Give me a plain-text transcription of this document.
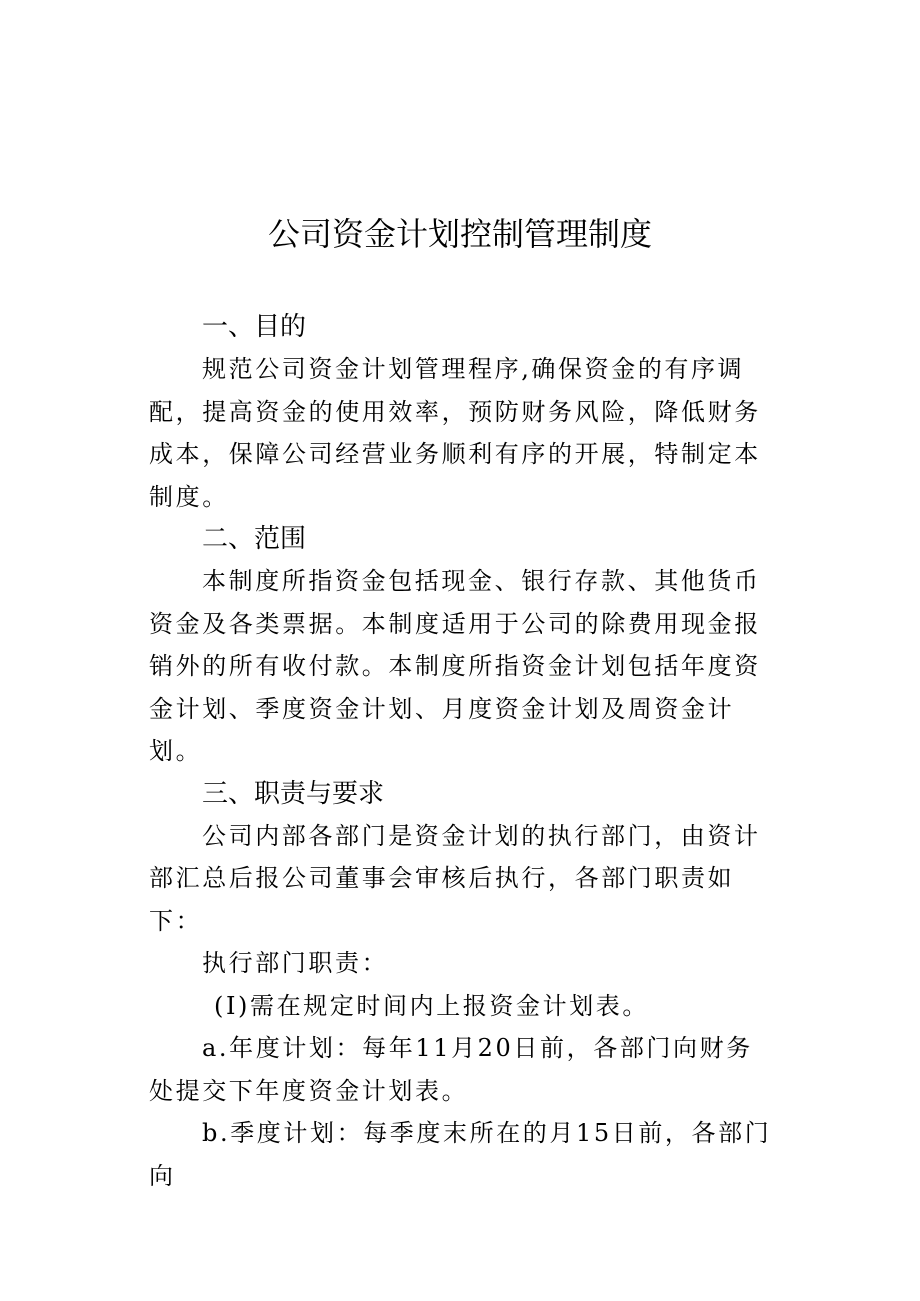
公司资金计划控制管理制度
一、目的
规范公司资金计划管理程序,确保资金的有序调配，提高资金的使用效率，预防财务风险，降低财务成本，保障公司经营业务顺利有序的开展，特制定本制度。
二、范围
本制度所指资金包括现金、银行存款、其他货币资金及各类票据。本制度适用于公司的除费用现金报销外的所有收付款。本制度所指资金计划包括年度资金计划、季度资金计划、月度资金计划及周资金计划。
三、职责与要求
公司内部各部门是资金计划的执行部门，由资计部汇总后报公司董事会审核后执行，各部门职责如下：
执行部门职责：
(I)需在规定时间内上报资金计划表。
a.年度计划：每年11月20日前，各部门向财务处提交下年度资金计划表。
b.季度计划：每季度末所在的月15日前，各部门向
